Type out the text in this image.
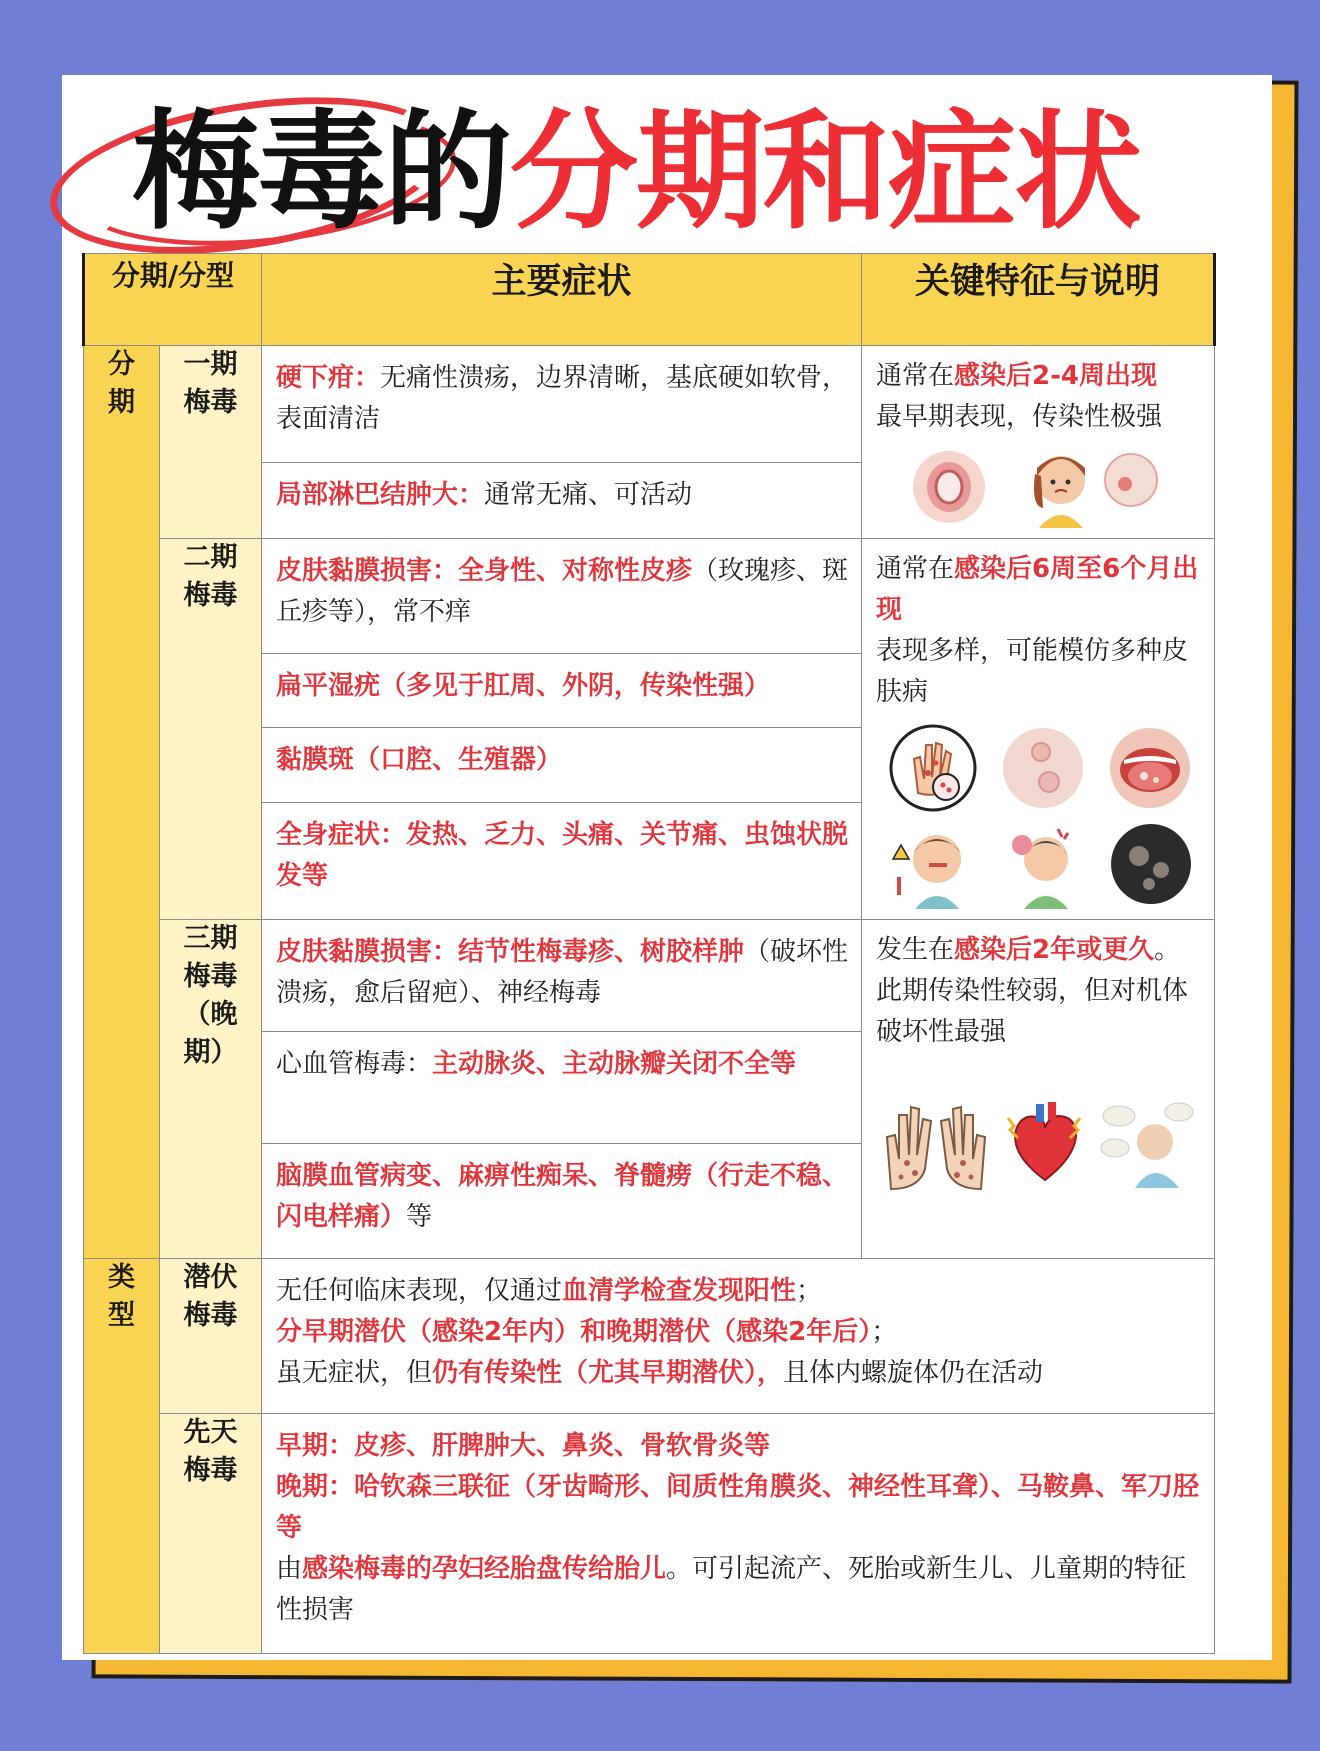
梅毒的分期和症状
分期/分型		主要症状	关键特征与说明
分期	一期梅毒	硬下疳：无痛性溃疡，边界清晰，基底硬如软骨，表面清洁	通常在感染后2-4周出现
最早期表现，传染性极强

		局部淋巴结肿大：通常无痛、可活动	
	二期梅毒	皮肤黏膜损害：全身性、对称性皮疹（玫瑰疹、斑丘疹等），常不痒	通常在感染后6周至6个月出现
表现多样，可能模仿多种皮肤病

		扁平湿疣（多见于肛周、外阴，传染性强）	
		黏膜斑（口腔、生殖器）	
		全身症状：发热、乏力、头痛、关节痛、虫蚀状脱发等	
	三期梅毒（晚期）	皮肤黏膜损害：结节性梅毒疹、树胶样肿（破坏性溃疡，愈后留疤）、神经梅毒	发生在感染后2年或更久。此期传染性较弱，但对机体破坏性最强

		心血管梅毒：主动脉炎、主动脉瓣关闭不全等	
		脑膜血管病变、麻痹性痴呆、脊髓痨（行走不稳、闪电样痛）等	
类型	潜伏梅毒	无任何临床表现，仅通过血清学检查发现阳性；
分早期潜伏（感染2年内）和晚期潜伏（感染2年后）；
虽无症状，但仍有传染性（尤其早期潜伏），且体内螺旋体仍在活动	

	先天梅毒	早期：皮疹、肝脾肿大、鼻炎、骨软骨炎等
晚期：哈钦森三联征（牙齿畸形、间质性角膜炎、神经性耳聋）、马鞍鼻、军刀胫等
由感染梅毒的孕妇经胎盘传给胎儿。可引起流产、死胎或新生儿、儿童期的特征性损害	
